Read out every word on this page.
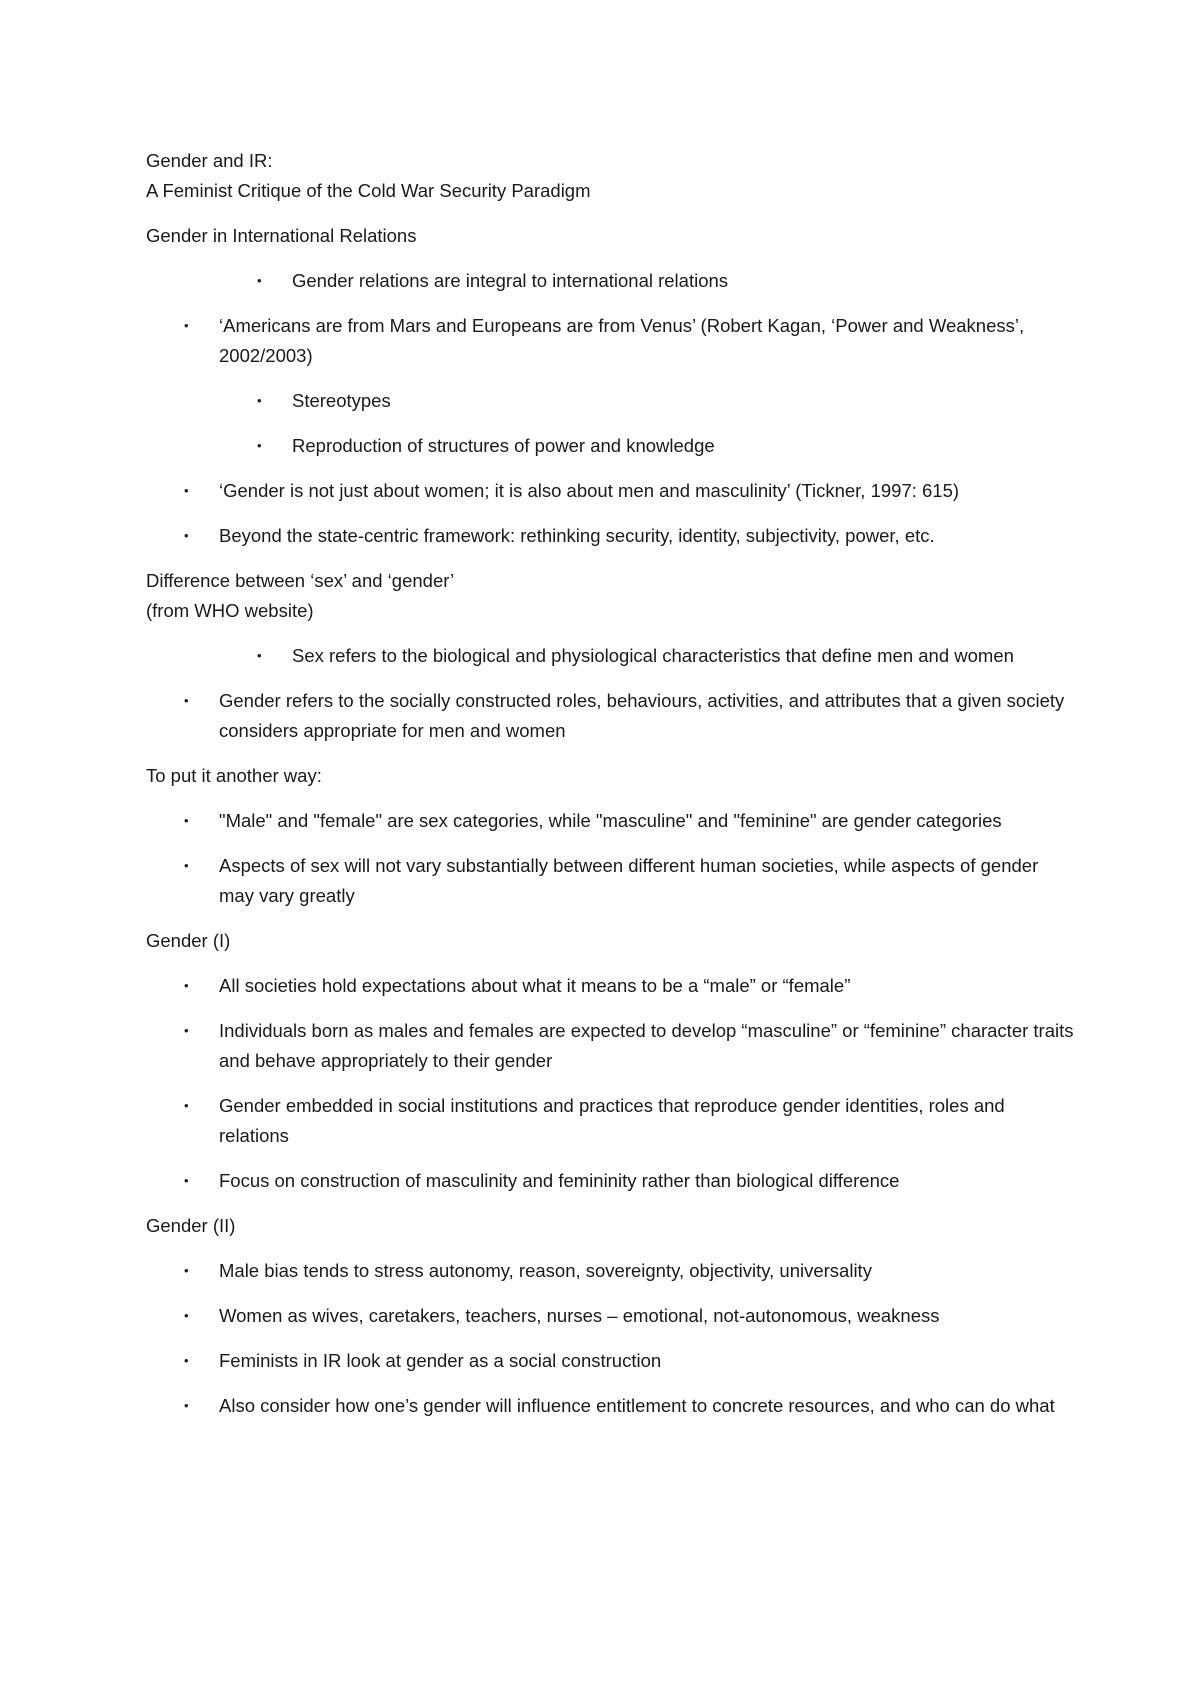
Gender and IR:

A Feminist Critique of the Cold War Security Paradigm

Gender in International Relations

• Gender relations are integral to international relations
• ‘Americans are from Mars and Europeans are from Venus’ (Robert Kagan, ‘Power and Weakness’, 2002/2003)
• Stereotypes
• Reproduction of structures of power and knowledge
• ‘Gender is not just about women; it is also about men and masculinity’ (Tickner, 1997: 615)
• Beyond the state-centric framework: rethinking security, identity, subjectivity, power, etc.

Difference between ‘sex’ and ‘gender’

(from WHO website)

• Sex refers to the biological and physiological characteristics that define men and women
• Gender refers to the socially constructed roles, behaviours, activities, and attributes that a given society considers appropriate for men and women

To put it another way:

• "Male" and "female" are sex categories, while "masculine" and "feminine" are gender categories
• Aspects of sex will not vary substantially between different human societies, while aspects of gender may vary greatly

Gender (I)

• All societies hold expectations about what it means to be a “male” or “female”
• Individuals born as males and females are expected to develop “masculine” or “feminine” character traits and behave appropriately to their gender
• Gender embedded in social institutions and practices that reproduce gender identities, roles and relations
• Focus on construction of masculinity and femininity rather than biological difference

Gender (II)

• Male bias tends to stress autonomy, reason, sovereignty, objectivity, universality
• Women as wives, caretakers, teachers, nurses – emotional, not-autonomous, weakness
• Feminists in IR look at gender as a social construction
• Also consider how one’s gender will influence entitlement to concrete resources, and who can do what
